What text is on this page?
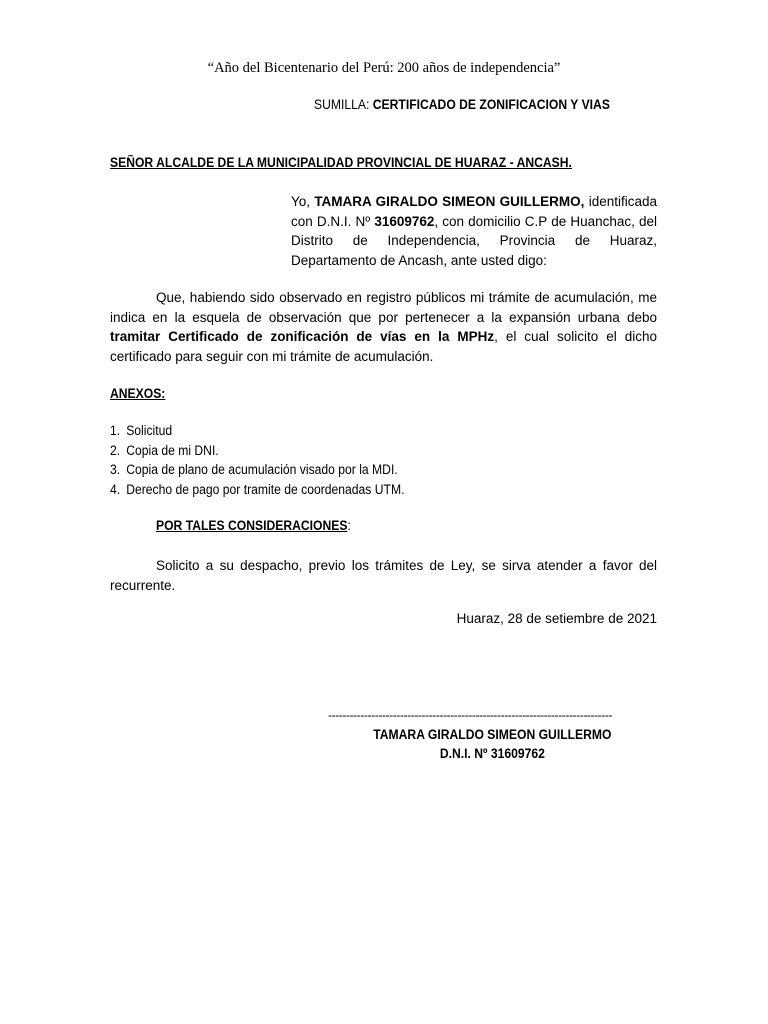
“Año del Bicentenario del Perú: 200 años de independencia”
SUMILLA: CERTIFICADO DE ZONIFICACION Y VIAS
SEÑOR ALCALDE DE LA MUNICIPALIDAD PROVINCIAL DE HUARAZ - ANCASH.
Yo, TAMARA GIRALDO SIMEON GUILLERMO, identificada con D.N.I. Nº 31609762, con domicilio C.P de Huanchac, del Distrito de Independencia, Provincia de Huaraz, Departamento de Ancash, ante usted digo:
Que, habiendo sido observado en registro públicos mi trámite de acumulación, me indica en la esquela de observación que por pertenecer a la expansión urbana debo tramitar Certificado de zonificación de vías en la MPHz, el cual solicito el dicho certificado para seguir con mi trámite de acumulación.
ANEXOS:
1. Solicitud
2. Copia de mi DNI.
3. Copia de plano de acumulación visado por la MDI.
4. Derecho de pago por tramite de coordenadas UTM.
POR TALES CONSIDERACIONES:
Solicito a su despacho, previo los trámites de Ley, se sirva atender a favor del recurrente.
Huaraz, 28 de setiembre de 2021
-------------------------------------------------------------------------------
TAMARA GIRALDO SIMEON GUILLERMO
D.N.I. Nº 31609762
